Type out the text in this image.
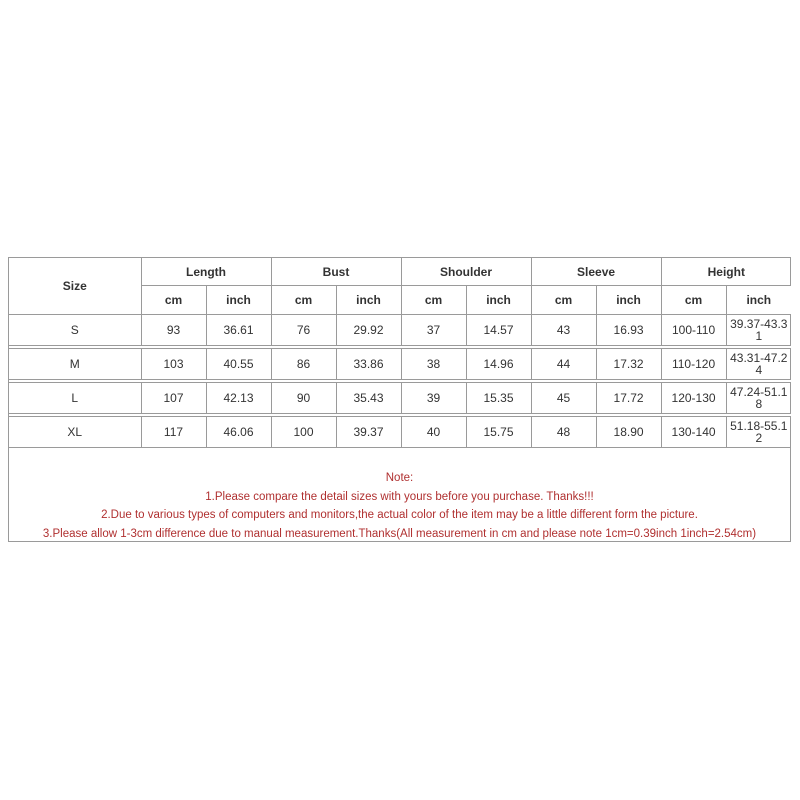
Size	Length		Bust		Shoulder		Sleeve		Height	
	cm	inch	cm	inch	cm	inch	cm	inch	cm	inch
S	93	36.61	76	29.92	37	14.57	43	16.93	100-110	39.37-43.31

M	103	40.55	86	33.86	38	14.96	44	17.32	110-120	43.31-47.24

L	107	42.13	90	35.43	39	15.35	45	17.72	120-130	47.24-51.18

XL	117	46.06	100	39.37	40	15.75	48	18.90	130-140	51.18-55.12
Note:
1.Please compare the detail sizes with yours before you purchase. Thanks!!!
2.Due to various types of computers and monitors,the actual color of the item may be a little different form the picture.
3.Please allow 1-3cm difference due to manual measurement.Thanks(All measurement in cm and please note 1cm=0.39inch 1inch=2.54cm)
